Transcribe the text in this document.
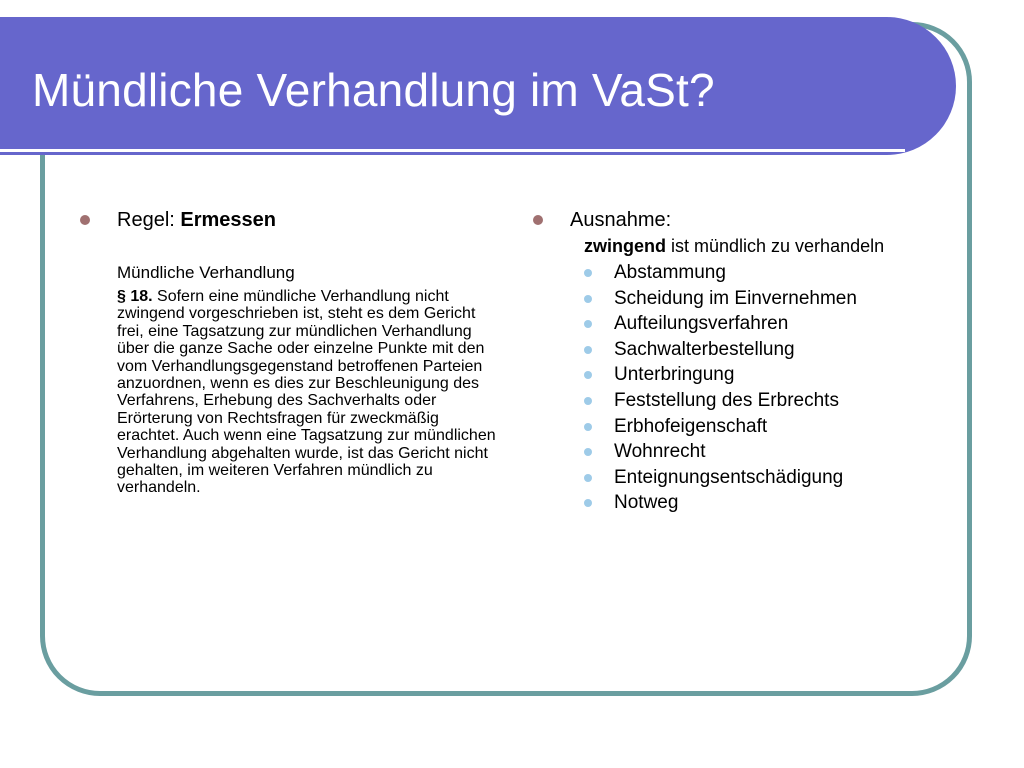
Mündliche Verhandlung im VaSt?
Regel: Ermessen
Mündliche Verhandlung
§ 18. Sofern eine mündliche Verhandlung nicht zwingend vorgeschrieben ist, steht es dem Gericht frei, eine Tagsatzung zur mündlichen Verhandlung über die ganze Sache oder einzelne Punkte mit den vom Verhandlungsgegenstand betroffenen Parteien anzuordnen, wenn es dies zur Beschleunigung des Verfahrens, Erhebung des Sachverhalts oder Erörterung von Rechtsfragen für zweckmäßig erachtet. Auch wenn eine Tagsatzung zur mündlichen Verhandlung abgehalten wurde, ist das Gericht nicht gehalten, im weiteren Verfahren mündlich zu verhandeln.
Ausnahme:
zwingend ist mündlich zu verhandeln
Abstammung
Scheidung im Einvernehmen
Aufteilungsverfahren
Sachwalterbestellung
Unterbringung
Feststellung des Erbrechts
Erbhofeigenschaft
Wohnrecht
Enteignungsentschädigung
Notweg
